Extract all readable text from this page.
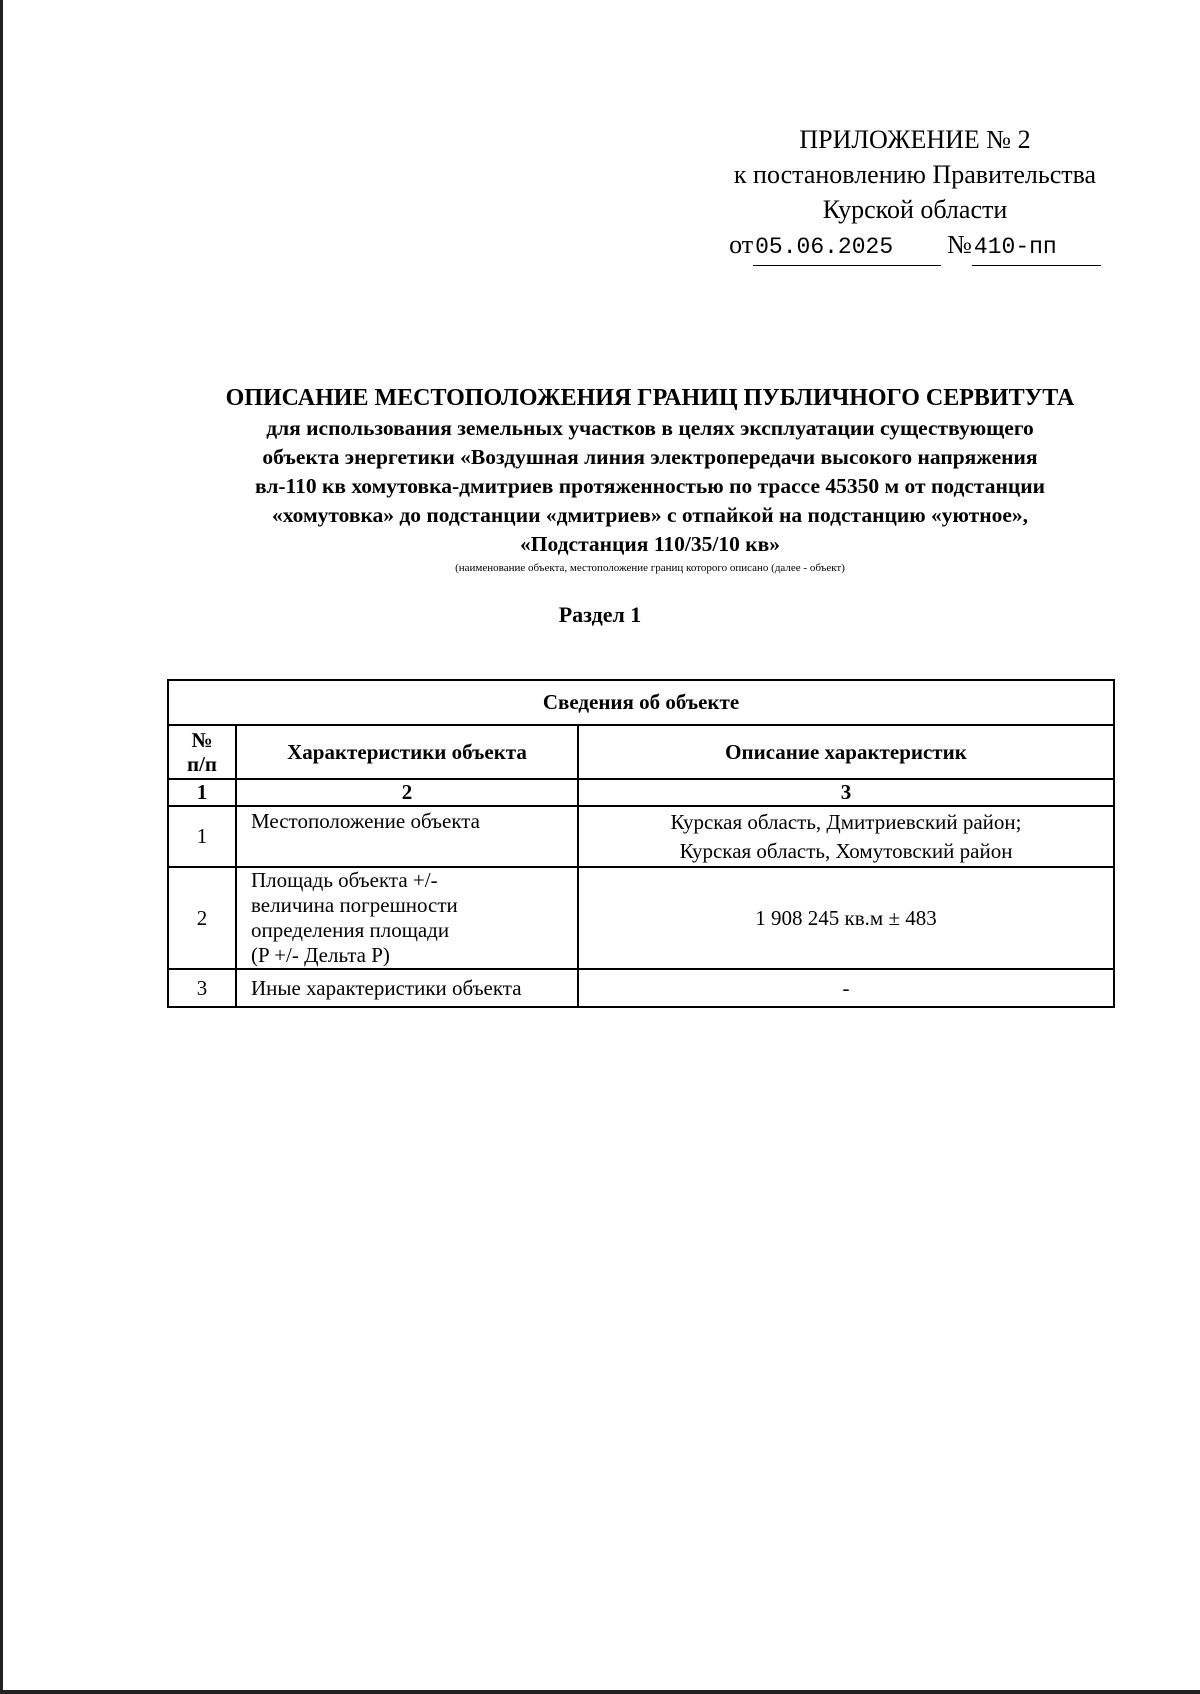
ПРИЛОЖЕНИЕ № 2
к постановлению Правительства
Курской области
от 05.06.2025	№ 410-пп
ОПИСАНИЕ МЕСТОПОЛОЖЕНИЯ ГРАНИЦ ПУБЛИЧНОГО СЕРВИТУТА
для использования земельных участков в целях эксплуатации существующего
объекта энергетики «Воздушная линия электропередачи высокого напряжения
вл-110 кв хомутовка-дмитриев протяженностью по трассе 45350 м от подстанции
«хомутовка» до подстанции «дмитриев» с отпайкой на подстанцию «уютное»,
«Подстанция 110/35/10 кв»
(наименование объекта, местоположение границ которого описано (далее - объект)
Раздел 1
Сведения об объекте		

№
п/п	Характеристики объекта	Описание характеристик
1	2	3
1	Местоположение объекта	Курская область, Дмитриевский район;
Курская область, Хомутовский район

2	Площадь объекта +/-
величина погрешности
определения площади
(P +/- Дельта P)	1 908 245 кв.м ± 483
3	Иные характеристики объекта	-
